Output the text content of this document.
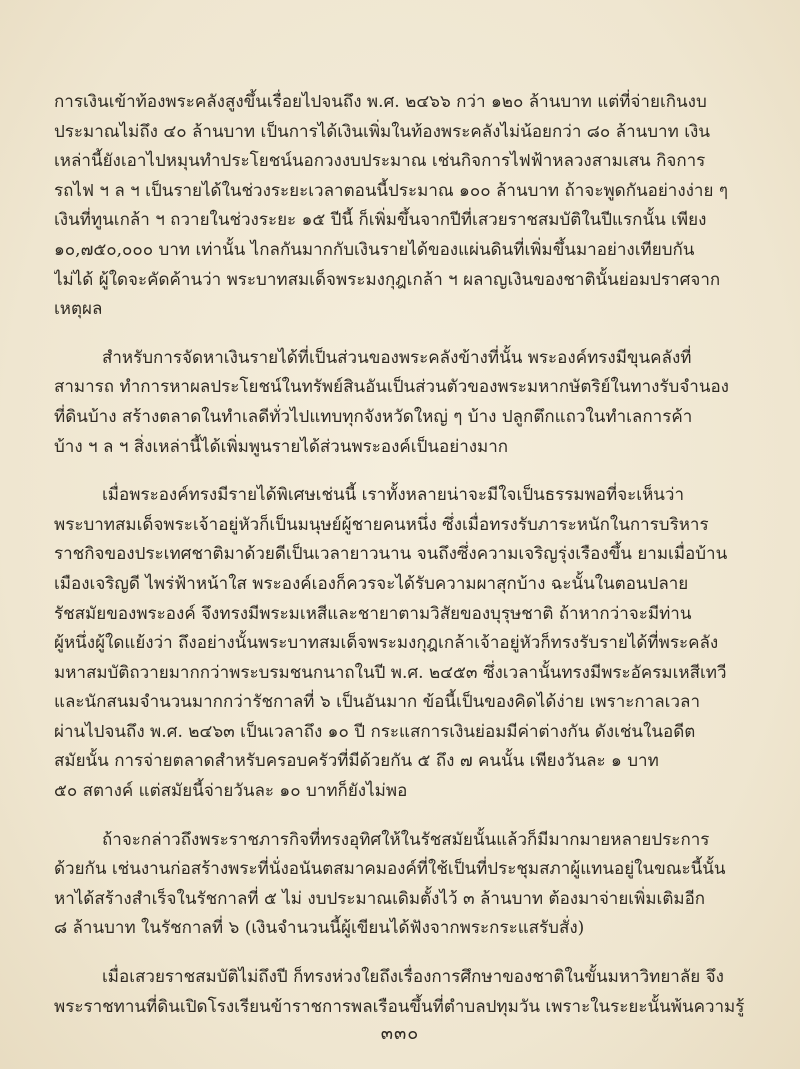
การเงินเข้าท้องพระคลังสูงขึ้นเรื่อยไปจนถึง พ.ศ. ๒๔๖๖ กว่า ๑๒๐ ล้านบาท แต่ที่จ่ายเกินงบ
ประมาณไม่ถึง ๔๐ ล้านบาท เป็นการได้เงินเพิ่มในท้องพระคลังไม่น้อยกว่า ๘๐ ล้านบาท เงิน
เหล่านี้ยังเอาไปหมุนทำประโยชน์นอกวงงบประมาณ เช่นกิจการไฟฟ้าหลวงสามเสน กิจการ
รถไฟ ฯ ล ฯ เป็นรายได้ในช่วงระยะเวลาตอนนี้ประมาณ ๑๐๐ ล้านบาท ถ้าจะพูดกันอย่างง่าย ๆ
เงินที่ทูนเกล้า ฯ ถวายในช่วงระยะ ๑๕ ปีนี้ ก็เพิ่มขึ้นจากปีที่เสวยราชสมบัติในปีแรกนั้น เพียง
๑๐,๗๕๐,๐๐๐ บาท เท่านั้น ไกลกันมากกับเงินรายได้ของแผ่นดินที่เพิ่มขึ้นมาอย่างเทียบกัน
ไม่ได้ ผู้ใดจะคัดค้านว่า พระบาทสมเด็จพระมงกุฎเกล้า ฯ ผลาญเงินของชาตินั้นย่อมปราศจาก
เหตุผล

สำหรับการจัดหาเงินรายได้ที่เป็นส่วนของพระคลังข้างที่นั้น พระองค์ทรงมีขุนคลังที่
สามารถ ทำการหาผลประโยชน์ในทรัพย์สินอันเป็นส่วนตัวของพระมหากษัตริย์ในทางรับจำนอง
ที่ดินบ้าง สร้างตลาดในทำเลดีทั่วไปแทบทุกจังหวัดใหญ่ ๆ บ้าง ปลูกตึกแถวในทำเลการค้า
บ้าง ฯ ล ฯ สิ่งเหล่านี้ได้เพิ่มพูนรายได้ส่วนพระองค์เป็นอย่างมาก

เมื่อพระองค์ทรงมีรายได้พิเศษเช่นนี้ เราทั้งหลายน่าจะมีใจเป็นธรรมพอที่จะเห็นว่า
พระบาทสมเด็จพระเจ้าอยู่หัวก็เป็นมนุษย์ผู้ชายคนหนึ่ง ซึ่งเมื่อทรงรับภาระหนักในการบริหาร
ราชกิจของประเทศชาติมาด้วยดีเป็นเวลายาวนาน จนถึงซึ่งความเจริญรุ่งเรืองขึ้น ยามเมื่อบ้าน
เมืองเจริญดี ไพร่ฟ้าหน้าใส พระองค์เองก็ควรจะได้รับความผาสุกบ้าง ฉะนั้นในตอนปลาย
รัชสมัยของพระองค์ จึงทรงมีพระมเหสีและชายาตามวิสัยของบุรุษชาติ ถ้าหากว่าจะมีท่าน
ผู้หนึ่งผู้ใดแย้งว่า ถึงอย่างนั้นพระบาทสมเด็จพระมงกุฎเกล้าเจ้าอยู่หัวก็ทรงรับรายได้ที่พระคลัง
มหาสมบัติถวายมากกว่าพระบรมชนกนาถในปี พ.ศ. ๒๔๕๓ ซึ่งเวลานั้นทรงมีพระอัครมเหสีเทวี
และนักสนมจำนวนมากกว่ารัชกาลที่ ๖ เป็นอันมาก ข้อนี้เป็นของคิดได้ง่าย เพราะกาลเวลา
ผ่านไปจนถึง พ.ศ. ๒๔๖๓ เป็นเวลาถึง ๑๐ ปี กระแสการเงินย่อมมีค่าต่างกัน ดังเช่นในอดีต
สมัยนั้น การจ่ายตลาดสำหรับครอบครัวที่มีด้วยกัน ๕ ถึง ๗ คนนั้น เพียงวันละ ๑ บาท
๕๐ สตางค์ แต่สมัยนี้จ่ายวันละ ๑๐ บาทก็ยังไม่พอ

ถ้าจะกล่าวถึงพระราชภารกิจที่ทรงอุทิศให้ในรัชสมัยนั้นแล้วก็มีมากมายหลายประการ
ด้วยกัน เช่นงานก่อสร้างพระที่นั่งอนันตสมาคมองค์ที่ใช้เป็นที่ประชุมสภาผู้แทนอยู่ในขณะนี้นั้น
หาได้สร้างสำเร็จในรัชกาลที่ ๕ ไม่ งบประมาณเดิมตั้งไว้ ๓ ล้านบาท ต้องมาจ่ายเพิ่มเติมอีก
๘ ล้านบาท ในรัชกาลที่ ๖ (เงินจำนวนนี้ผู้เขียนได้ฟังจากพระกระแสรับสั่ง)

เมื่อเสวยราชสมบัติไม่ถึงปี ก็ทรงห่วงใยถึงเรื่องการศึกษาของชาติในขั้นมหาวิทยาลัย จึง
พระราชทานที่ดินเปิดโรงเรียนข้าราชการพลเรือนขึ้นที่ตำบลปทุมวัน เพราะในระยะนั้นพ้นความรู้

๓๓๐
